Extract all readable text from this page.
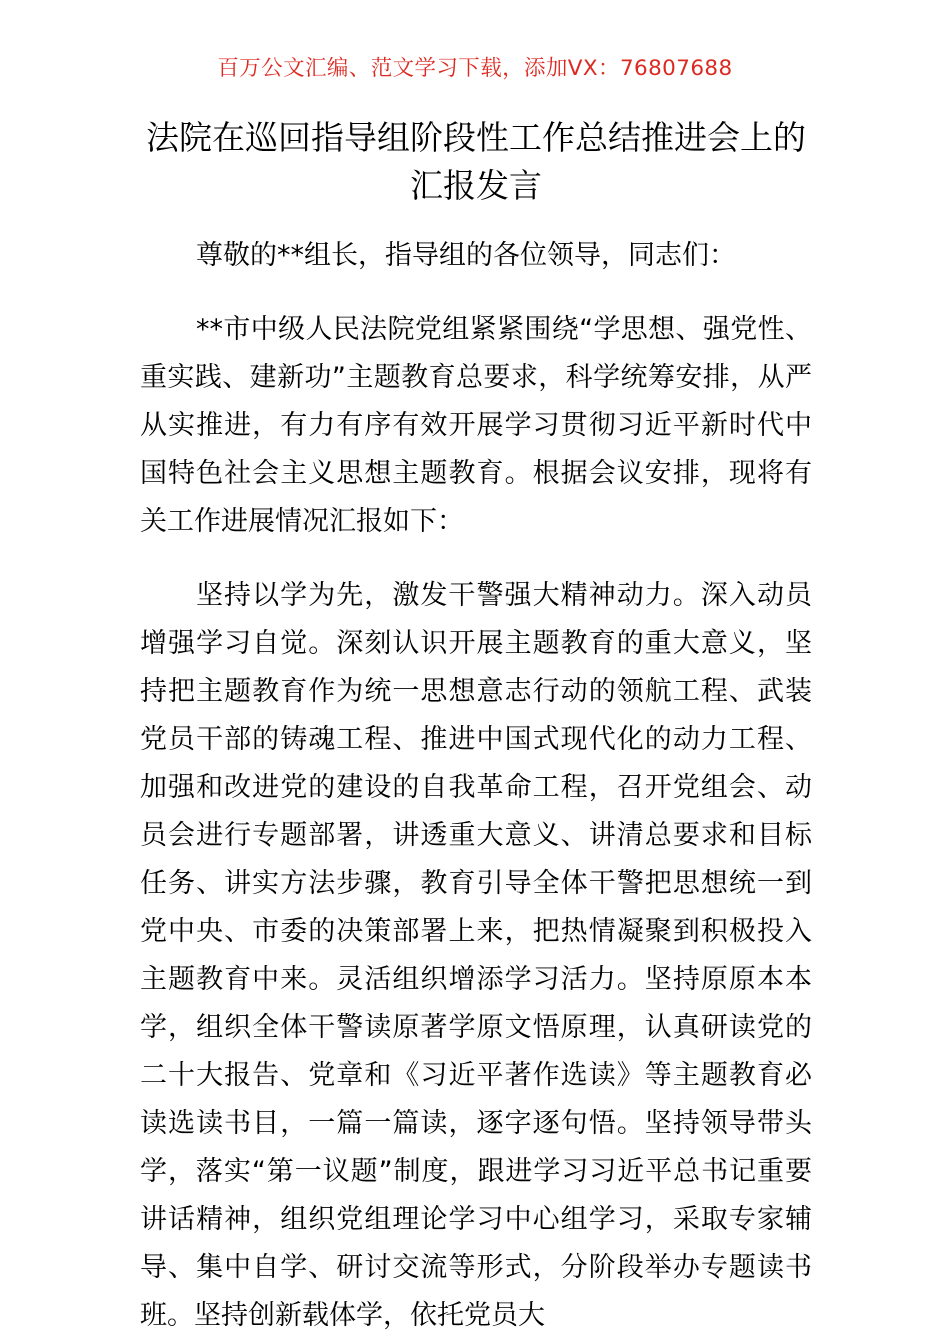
百万公文汇编、范文学习下载，添加VX：76807688
法院在巡回指导组阶段性工作总结推进会上的汇报发言

尊敬的**组长，指导组的各位领导，同志们：

**市中级人民法院党组紧紧围绕“学思想、强党性、重实践、建新功”主题教育总要求，科学统筹安排，从严从实推进，有力有序有效开展学习贯彻习近平新时代中国特色社会主义思想主题教育。根据会议安排，现将有关工作进展情况汇报如下：

坚持以学为先，激发干警强大精神动力。深入动员增强学习自觉。深刻认识开展主题教育的重大意义，坚持把主题教育作为统一思想意志行动的领航工程、武装党员干部的铸魂工程、推进中国式现代化的动力工程、加强和改进党的建设的自我革命工程，召开党组会、动员会进行专题部署，讲透重大意义、讲清总要求和目标任务、讲实方法步骤，教育引导全体干警把思想统一到党中央、市委的决策部署上来，把热情凝聚到积极投入主题教育中来。灵活组织增添学习活力。坚持原原本本学，组织全体干警读原著学原文悟原理，认真研读党的二十大报告、党章和《习近平著作选读》等主题教育必读选读书目，一篇一篇读，逐字逐句悟。坚持领导带头学，落实“第一议题”制度，跟进学习习近平总书记重要讲话精神，组织党组理论学习中心组学习，采取专家辅导、集中自学、研讨交流等形式，分阶段举办专题读书班。坚持创新载体学，依托党员大
